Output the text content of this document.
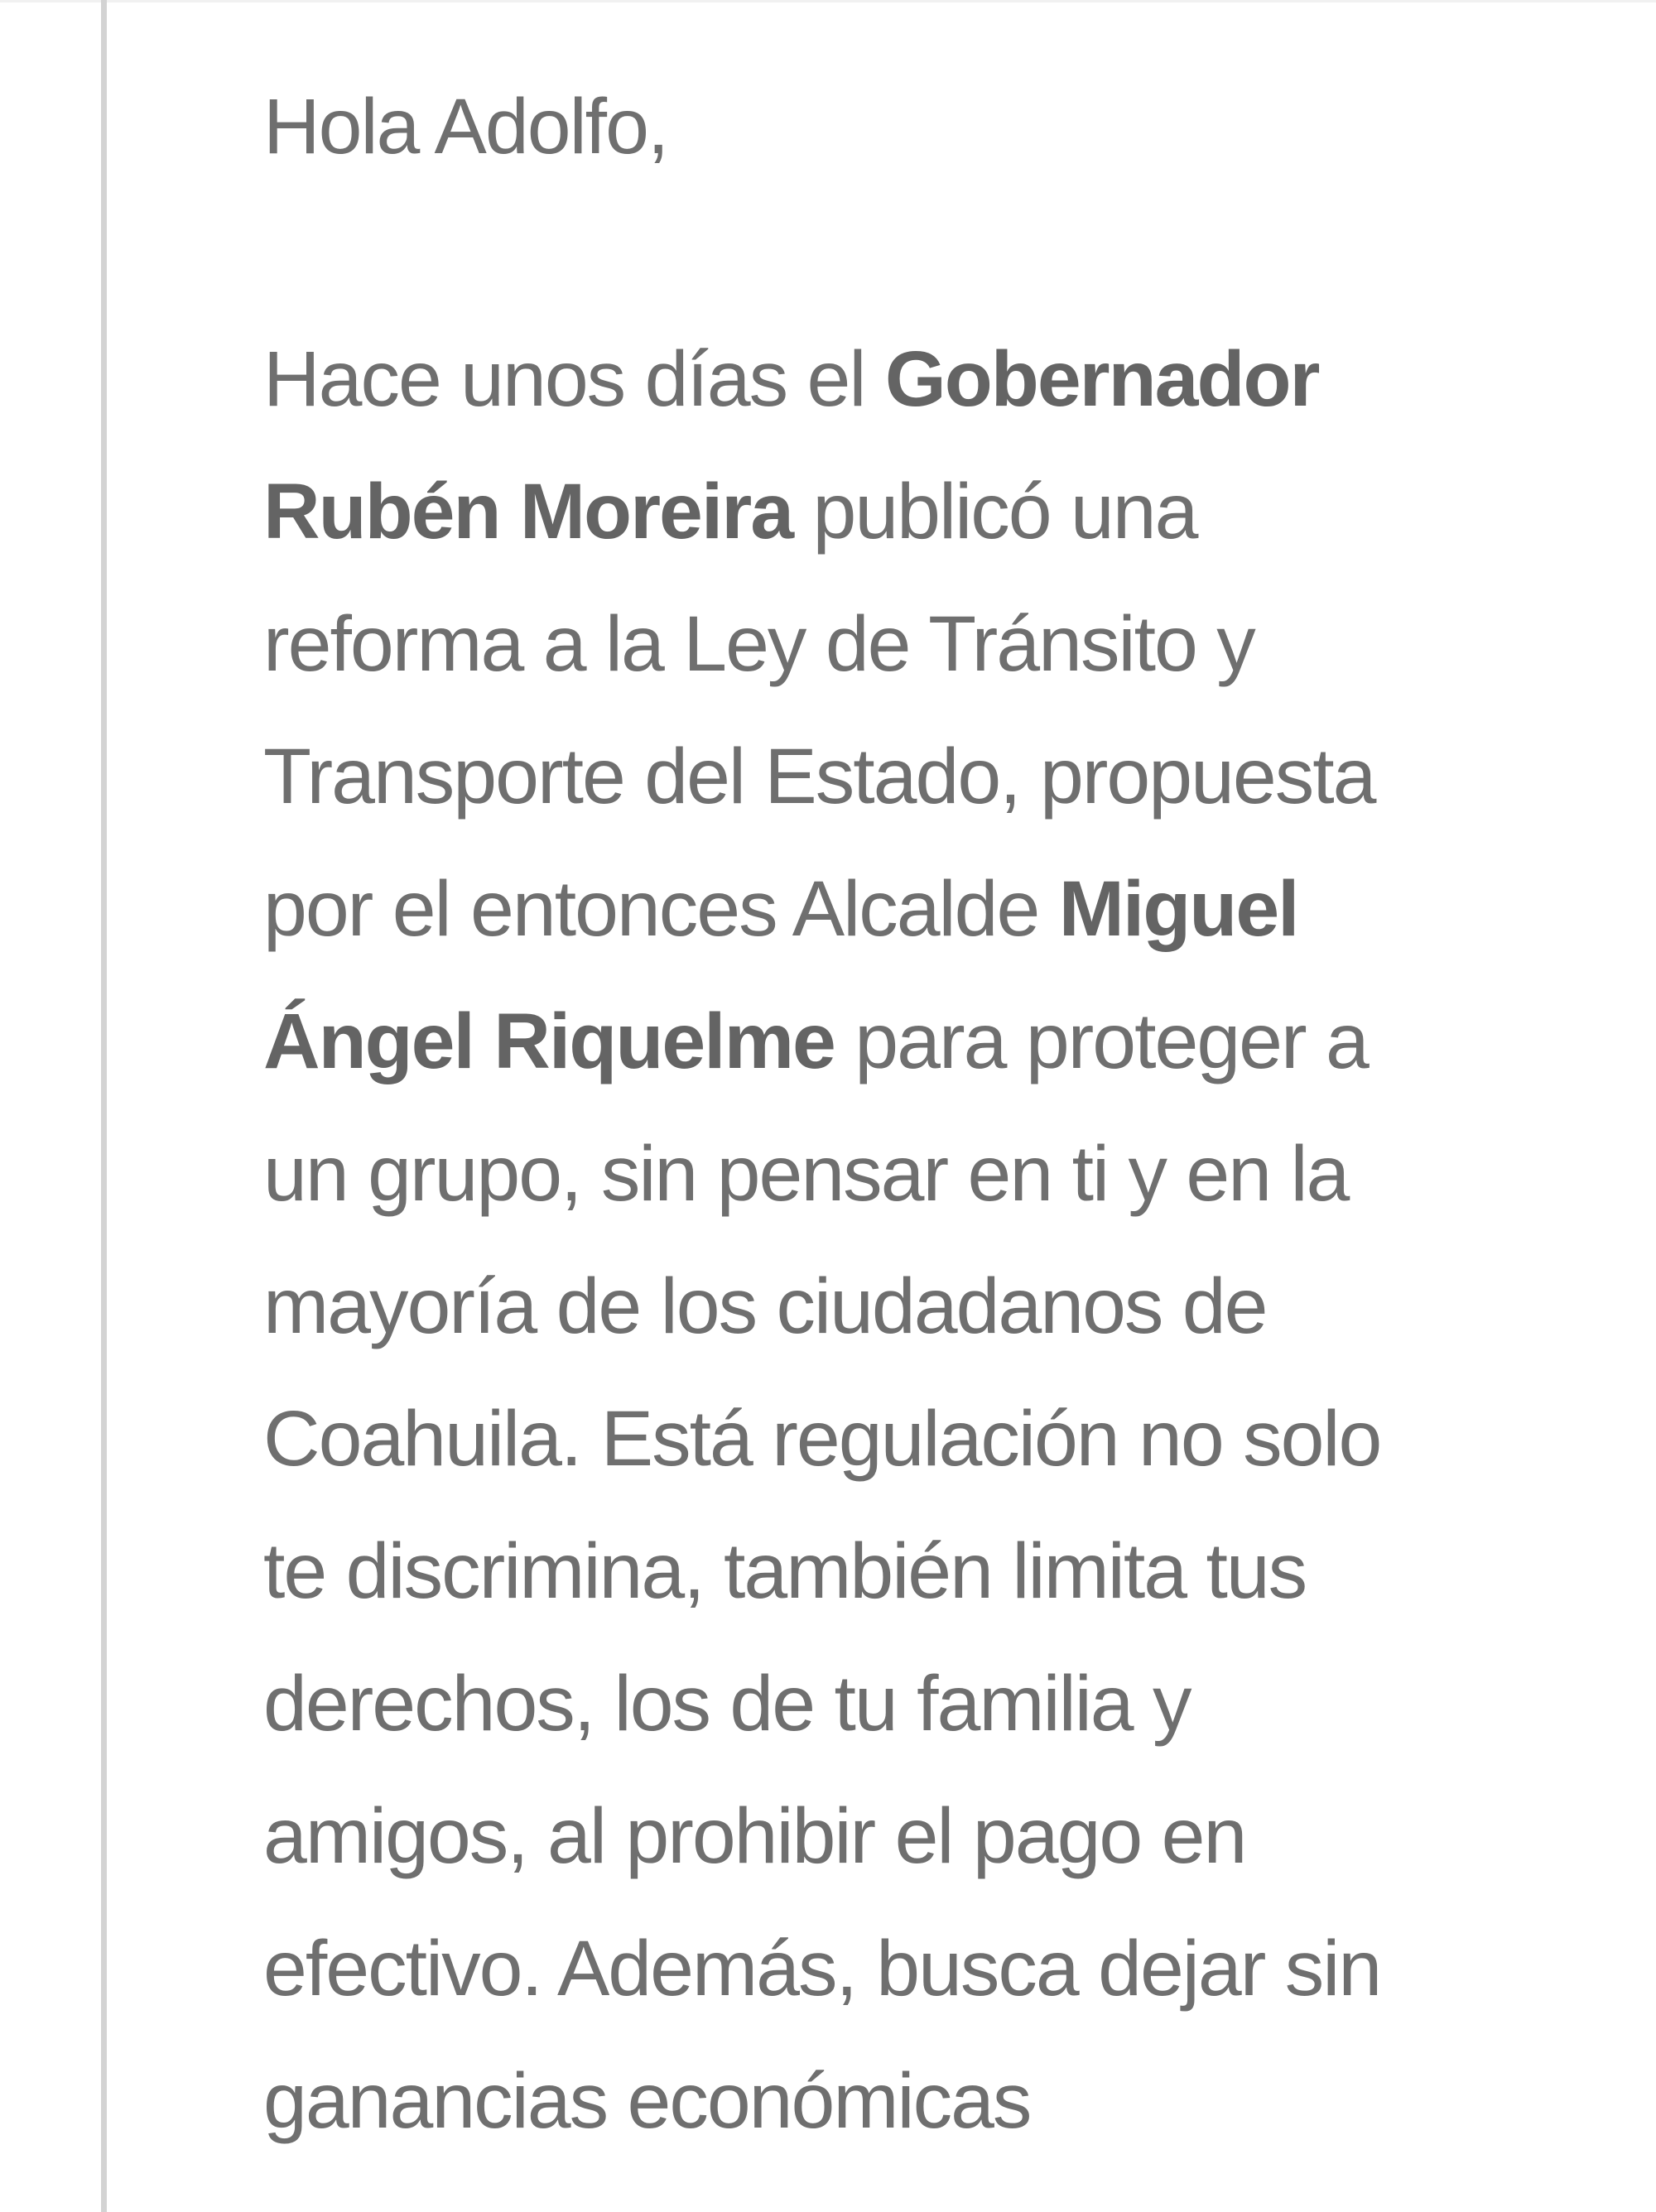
Hola Adolfo,
Hace unos días el Gobernador
Rubén Moreira publicó una
reforma a la Ley de Tránsito y
Transporte del Estado, propuesta
por el entonces Alcalde Miguel
Ángel Riquelme para proteger a
un grupo, sin pensar en ti y en la
mayoría de los ciudadanos de
Coahuila. Está regulación no solo
te discrimina, también limita tus
derechos, los de tu familia y
amigos, al prohibir el pago en
efectivo. Además, busca dejar sin
ganancias económicas
